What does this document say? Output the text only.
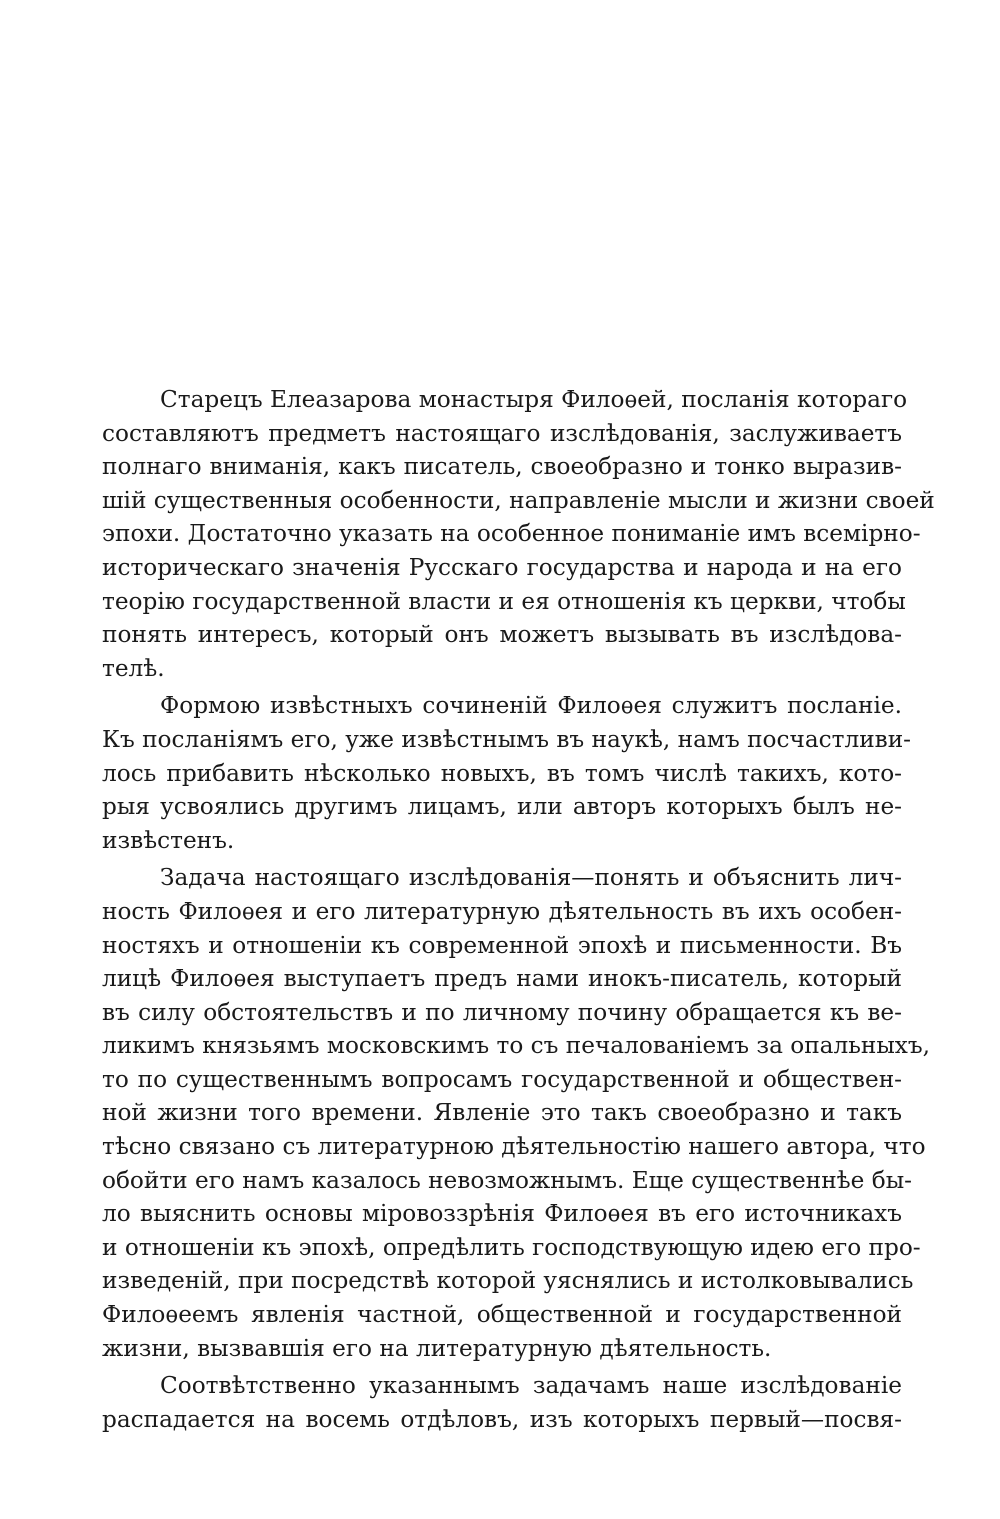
Старецъ Елеазарова монастыря Филоѳей, посланія котораго
составляютъ предметъ настоящаго изслѣдованія, заслуживаетъ
полнаго вниманія, какъ писатель, своеобразно и тонко выразив-
шій существенныя особенности, направленіе мысли и жизни своей
эпохи. Достаточно указать на особенное пониманіе имъ всемірно-
историческаго значенія Русскаго государства и народа и на его
теорію государственной власти и ея отношенія къ церкви, чтобы
понять интересъ, который онъ можетъ вызывать въ изслѣдова-
телѣ.
Формою извѣстныхъ сочиненій Филоѳея служитъ посланіе.
Къ посланіямъ его, уже извѣстнымъ въ наукѣ, намъ посчастливи-
лось прибавить нѣсколько новыхъ, въ томъ числѣ такихъ, кото-
рыя усвоялись другимъ лицамъ, или авторъ которыхъ былъ не-
извѣстенъ.
Задача настоящаго изслѣдованія—понять и объяснить лич-
ность Филоѳея и его литературную дѣятельность въ ихъ особен-
ностяхъ и отношеніи къ современной эпохѣ и письменности. Въ
лицѣ Филоѳея выступаетъ предъ нами инокъ-писатель, который
въ силу обстоятельствъ и по личному почину обращается къ ве-
ликимъ князьямъ московскимъ то съ печалованіемъ за опальныхъ,
то по существеннымъ вопросамъ государственной и обществен-
ной жизни того времени. Явленіе это такъ своеобразно и такъ
тѣсно связано съ литературною дѣятельностію нашего автора, что
обойти его намъ казалось невозможнымъ. Еще существеннѣе бы-
ло выяснить основы міровоззрѣнія Филоѳея въ его источникахъ
и отношеніи къ эпохѣ, опредѣлить господствующую идею его про-
изведеній, при посредствѣ которой уяснялись и истолковывались
Филоѳеемъ явленія частной, общественной и государственной
жизни, вызвавшія его на литературную дѣятельность.
Соотвѣтственно указаннымъ задачамъ наше изслѣдованіе
распадается на восемь отдѣловъ, изъ которыхъ первый—посвя-
